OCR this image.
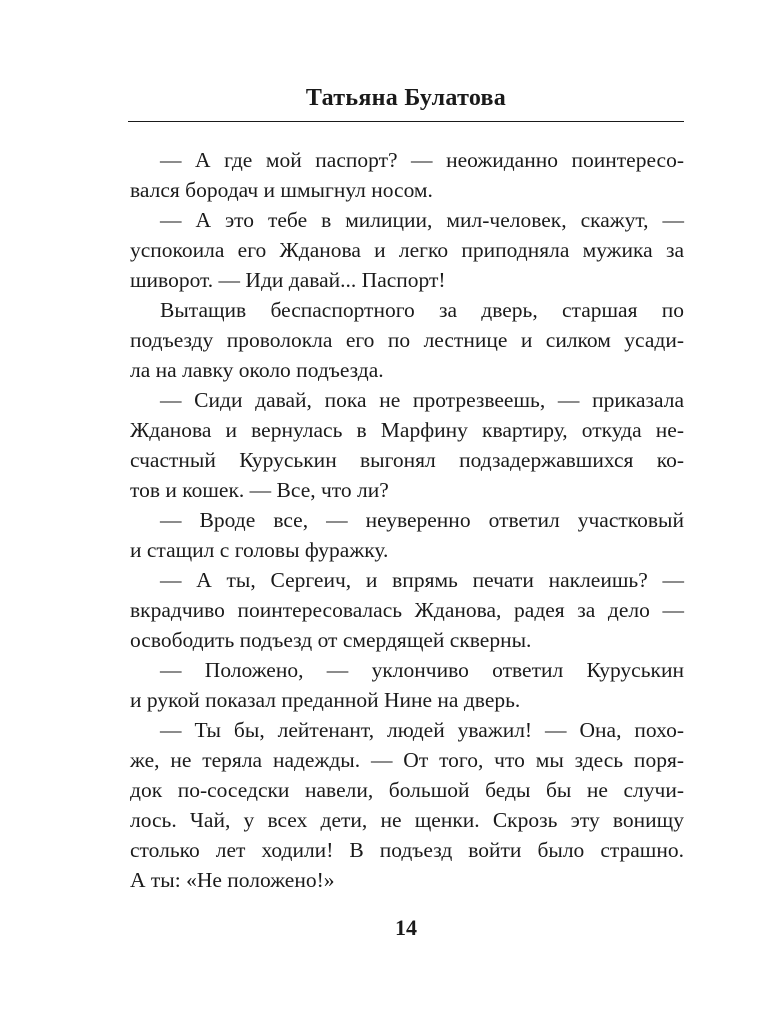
Татьяна Булатова
— А где мой паспорт? — неожиданно поинтересо-
вался бородач и шмыгнул носом.
— А это тебе в милиции, мил-человек, скажут, —
успокоила его Жданова и легко приподняла мужика за
шиворот. — Иди давай... Паспорт!
Вытащив беспаспортного за дверь, старшая по
подъезду проволокла его по лестнице и силком усади-
ла на лавку около подъезда.
— Сиди давай, пока не протрезвеешь, — приказала
Жданова и вернулась в Марфину квартиру, откуда не-
счастный Куруськин выгонял подзадержавшихся ко-
тов и кошек. — Все, что ли?
— Вроде все, — неуверенно ответил участковый
и стащил с головы фуражку.
— А ты, Сергеич, и впрямь печати наклеишь? —
вкрадчиво поинтересовалась Жданова, радея за дело —
освободить подъезд от смердящей скверны.
— Положено, — уклончиво ответил Куруськин
и рукой показал преданной Нине на дверь.
— Ты бы, лейтенант, людей уважил! — Она, похо-
же, не теряла надежды. — От того, что мы здесь поря-
док по-соседски навели, большой беды бы не случи-
лось. Чай, у всех дети, не щенки. Скрозь эту вонищу
столько лет ходили! В подъезд войти было страшно.
А ты: «Не положено!»
14
